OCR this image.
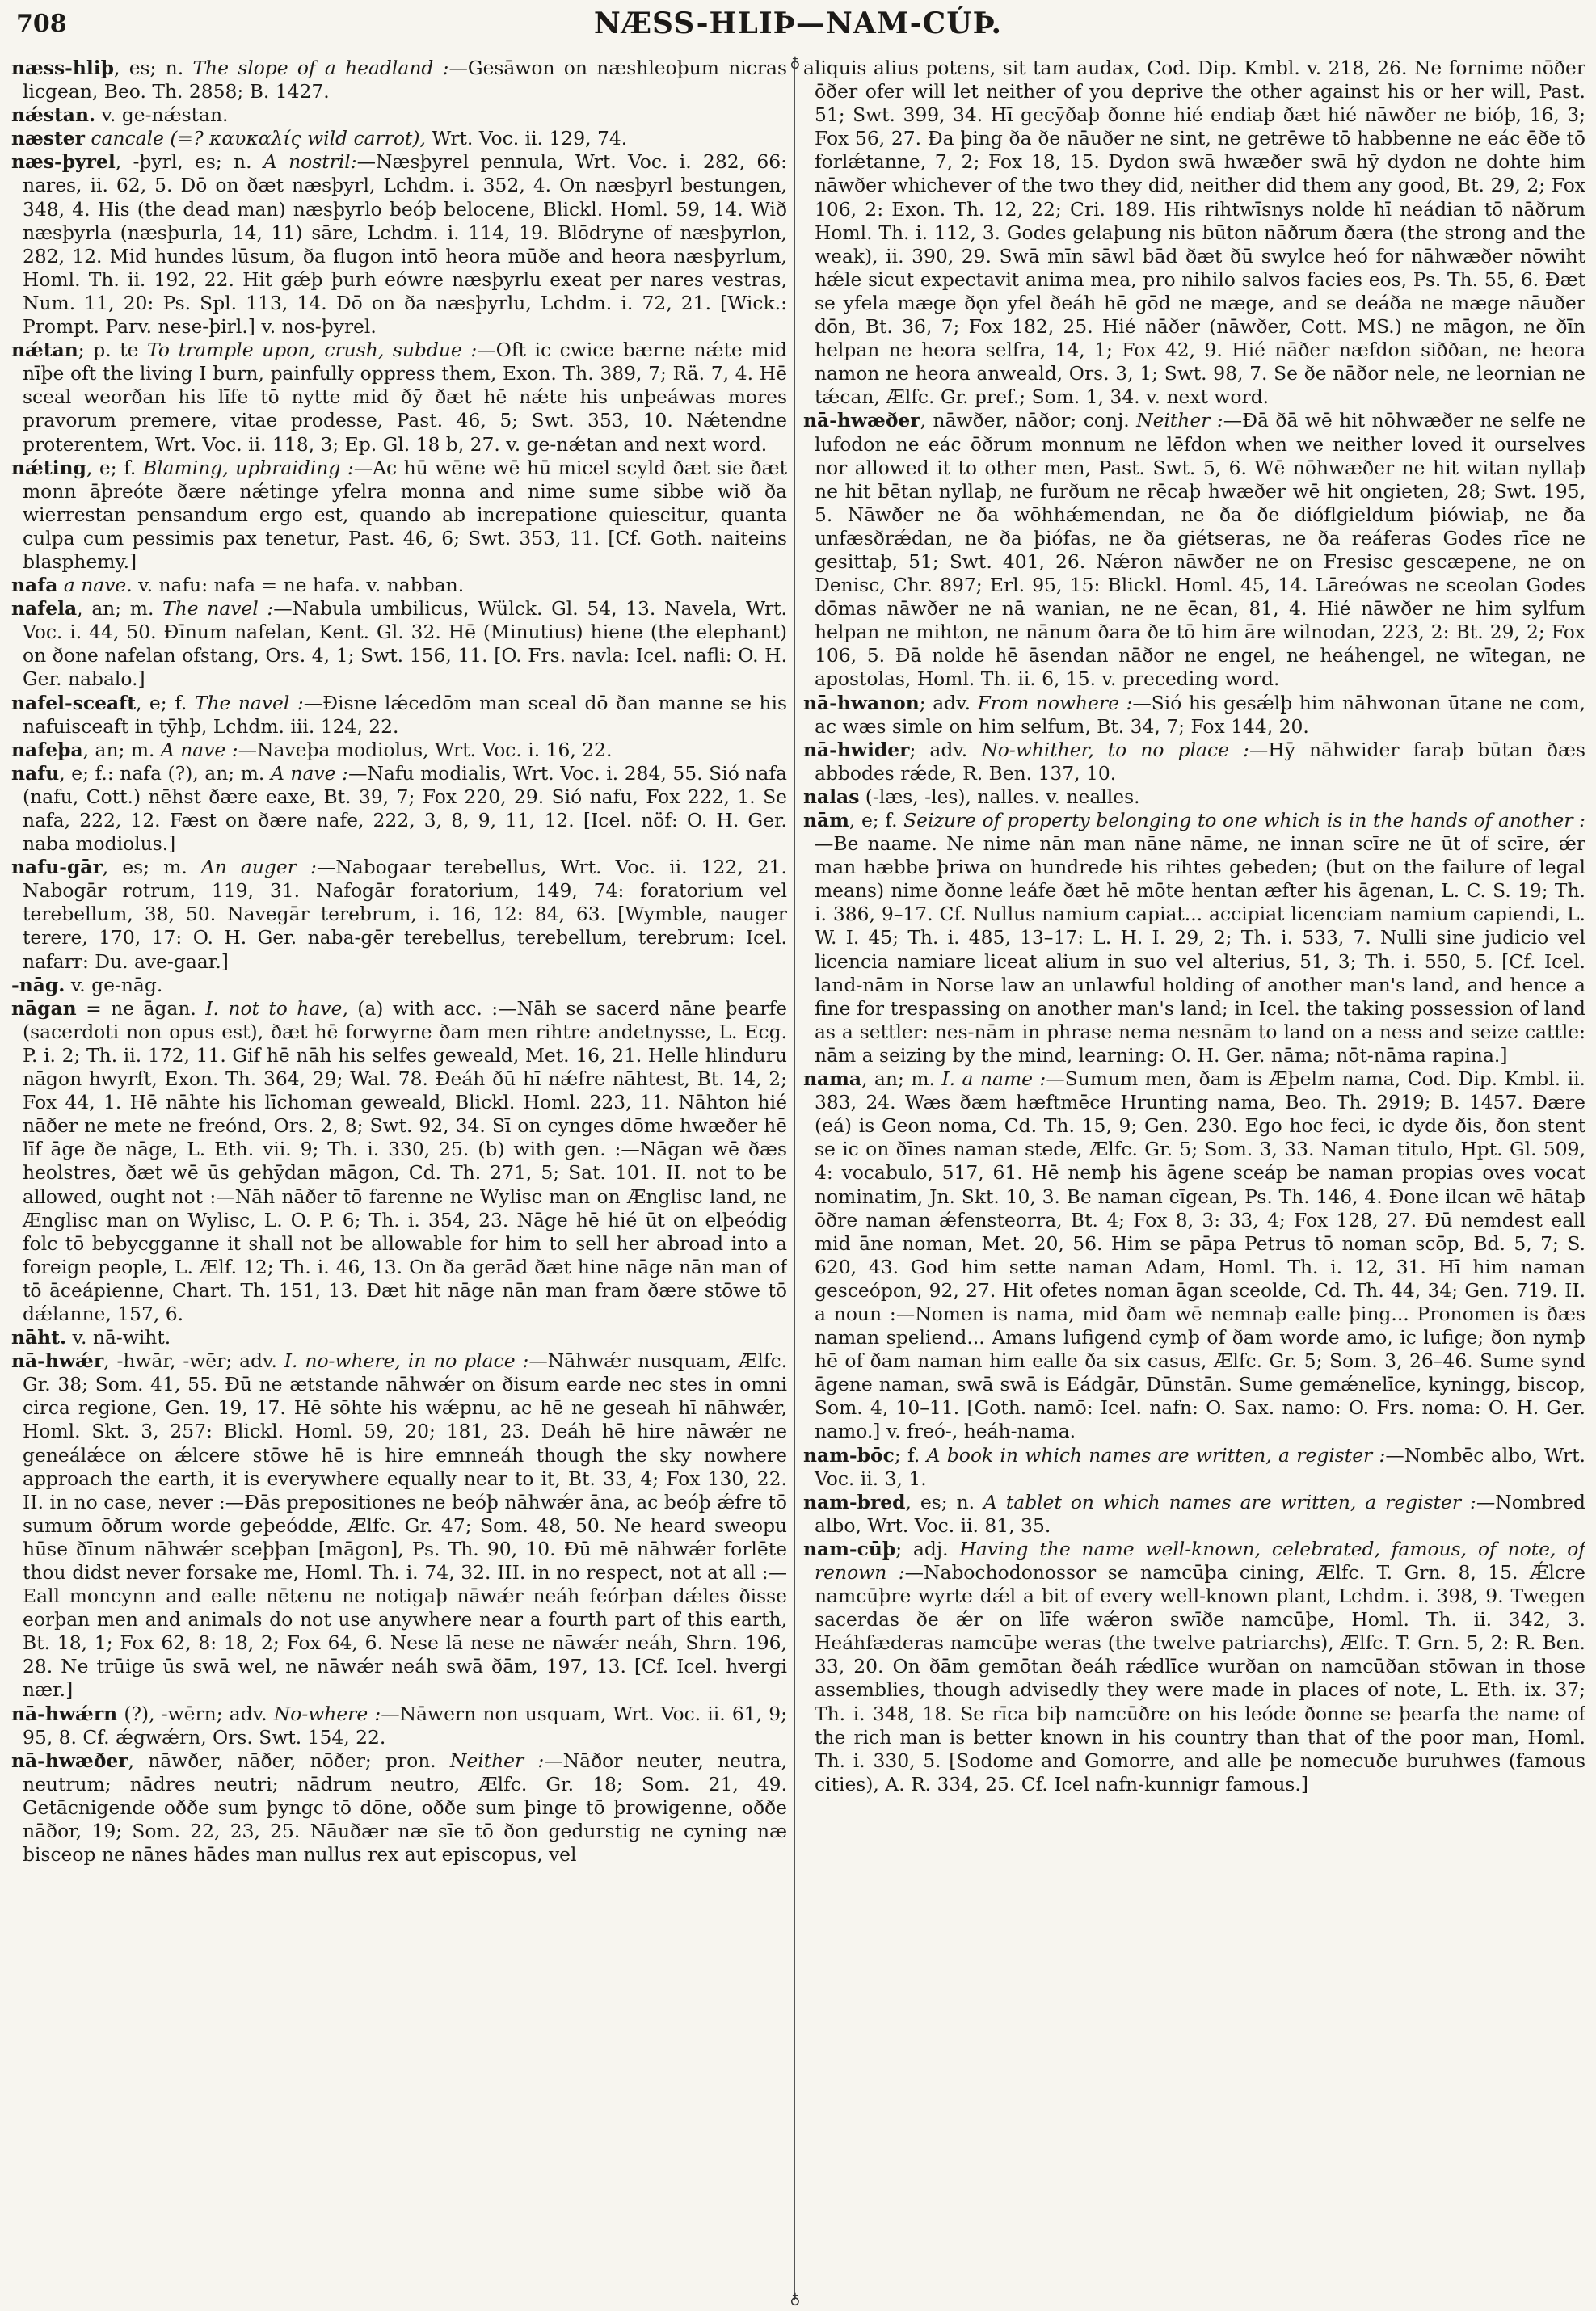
708	NÆSS-HLIÞ—NAM-CÚÞ.

næss-hliþ, es; n. The slope of a headland :—Gesāwon on næshleoþum nicras licgean, Beo. Th. 2858; B. 1427.

nǽstan. v. ge-nǽstan.

næster cancale (=? καυκαλίς wild carrot), Wrt. Voc. ii. 129, 74.

næs-þyrel, -þyrl, es; n. A nostril:—Næsþyrel pennula, Wrt. Voc. i. 282, 66: nares, ii. 62, 5. Dō on ðæt næsþyrl, Lchdm. i. 352, 4. On næsþyrl bestungen, 348, 4. His (the dead man) næsþyrlo beóþ belocene, Blickl. Homl. 59, 14. Wið næsþyrla (næsþurla, 14, 11) sāre, Lchdm. i. 114, 19. Blōdryne of næsþyrlon, 282, 12. Mid hundes lūsum, ða flugon intō heora mūðe and heora næsþyrlum, Homl. Th. ii. 192, 22. Hit gǽþ þurh eówre næsþyrlu exeat per nares vestras, Num. 11, 20: Ps. Spl. 113, 14. Dō on ða næsþyrlu, Lchdm. i. 72, 21. [Wick.: Prompt. Parv. nese-þirl.] v. nos-þyrel.

nǽtan; p. te To trample upon, crush, subdue :—Oft ic cwice bærne nǽte mid nīþe oft the living I burn, painfully oppress them, Exon. Th. 389, 7; Rä. 7, 4. Hē sceal weorðan his līfe tō nytte mid ðȳ ðæt hē nǽte his unþeáwas mores pravorum premere, vitae prodesse, Past. 46, 5; Swt. 353, 10. Nǽtendne proterentem, Wrt. Voc. ii. 118, 3; Ep. Gl. 18 b, 27. v. ge-nǽtan and next word.

nǽting, e; f. Blaming, upbraiding :—Ac hū wēne wē hū micel scyld ðæt sie ðæt monn āþreóte ðære nǽtinge yfelra monna and nime sume sibbe wið ða wierrestan pensandum ergo est, quando ab increpatione quiescitur, quanta culpa cum pessimis pax tenetur, Past. 46, 6; Swt. 353, 11. [Cf. Goth. naiteins blasphemy.]

nafa a nave. v. nafu: nafa = ne hafa. v. nabban.

nafela, an; m. The navel :—Nabula umbilicus, Wülck. Gl. 54, 13. Navela, Wrt. Voc. i. 44, 50. Ðīnum nafelan, Kent. Gl. 32. Hē (Minutius) hiene (the elephant) on ðone nafelan ofstang, Ors. 4, 1; Swt. 156, 11. [O. Frs. navla: Icel. nafli: O. H. Ger. nabalo.]

nafel-sceaft, e; f. The navel :—Ðisne lǽcedōm man sceal dō ðan manne se his nafuisceaft in tȳhþ, Lchdm. iii. 124, 22.

nafeþa, an; m. A nave :—Naveþa modiolus, Wrt. Voc. i. 16, 22.

nafu, e; f.: nafa (?), an; m. A nave :—Nafu modialis, Wrt. Voc. i. 284, 55. Sió nafa (nafu, Cott.) nēhst ðære eaxe, Bt. 39, 7; Fox 220, 29. Sió nafu, Fox 222, 1. Se nafa, 222, 12. Fæst on ðære nafe, 222, 3, 8, 9, 11, 12. [Icel. nöf: O. H. Ger. naba modiolus.]

nafu-gār, es; m. An auger :—Nabogaar terebellus, Wrt. Voc. ii. 122, 21. Nabogār rotrum, 119, 31. Nafogār foratorium, 149, 74: foratorium vel terebellum, 38, 50. Navegār terebrum, i. 16, 12: 84, 63. [Wymble, nauger terere, 170, 17: O. H. Ger. naba-gēr terebellus, terebellum, terebrum: Icel. nafarr: Du. ave-gaar.]

-nāg. v. ge-nāg.

nāgan = ne āgan. I. not to have, (a) with acc. :—Nāh se sacerd nāne þearfe (sacerdoti non opus est), ðæt hē forwyrne ðam men rihtre andetnysse, L. Ecg. P. i. 2; Th. ii. 172, 11. Gif hē nāh his selfes geweald, Met. 16, 21. Helle hlinduru nāgon hwyrft, Exon. Th. 364, 29; Wal. 78. Ðeáh ðū hī nǽfre nāhtest, Bt. 14, 2; Fox 44, 1. Hē nāhte his līchoman geweald, Blickl. Homl. 223, 11. Nāhton hié nāðer ne mete ne freónd, Ors. 2, 8; Swt. 92, 34. Sī on cynges dōme hwæðer hē līf āge ðe nāge, L. Eth. vii. 9; Th. i. 330, 25. (b) with gen. :—Nāgan wē ðæs heolstres, ðæt wē ūs gehȳdan māgon, Cd. Th. 271, 5; Sat. 101. II. not to be allowed, ought not :—Nāh nāðer tō farenne ne Wylisc man on Ænglisc land, ne Ænglisc man on Wylisc, L. O. P. 6; Th. i. 354, 23. Nāge hē hié ūt on elþeódig folc tō bebycgganne it shall not be allowable for him to sell her abroad into a foreign people, L. Ælf. 12; Th. i. 46, 13. On ða gerād ðæt hine nāge nān man of tō āceápienne, Chart. Th. 151, 13. Ðæt hit nāge nān man fram ðære stōwe tō dǽlanne, 157, 6.

nāht. v. nā-wiht.

nā-hwǽr, -hwār, -wēr; adv. I. no-where, in no place :—Nāhwǽr nusquam, Ælfc. Gr. 38; Som. 41, 55. Ðū ne ætstande nāhwǽr on ðisum earde nec stes in omni circa regione, Gen. 19, 17. Hē sōhte his wǽpnu, ac hē ne geseah hī nāhwǽr, Homl. Skt. 3, 257: Blickl. Homl. 59, 20; 181, 23. Deáh hē hire nāwǽr ne geneálǽce on ǽlcere stōwe hē is hire emnneáh though the sky nowhere approach the earth, it is everywhere equally near to it, Bt. 33, 4; Fox 130, 22. II. in no case, never :—Ðās prepositiones ne beóþ nāhwǽr āna, ac beóþ ǽfre tō sumum ōðrum worde geþeódde, Ælfc. Gr. 47; Som. 48, 50. Ne heard sweopu hūse ðīnum nāhwǽr sceþþan [māgon], Ps. Th. 90, 10. Ðū mē nāhwǽr forlēte thou didst never forsake me, Homl. Th. i. 74, 32. III. in no respect, not at all :—Eall moncynn and ealle nētenu ne notigaþ nāwǽr neáh feórþan dǽles ðisse eorþan men and animals do not use anywhere near a fourth part of this earth, Bt. 18, 1; Fox 62, 8: 18, 2; Fox 64, 6. Nese lā nese ne nāwǽr neáh, Shrn. 196, 28. Ne trūige ūs swā wel, ne nāwǽr neáh swā ðām, 197, 13. [Cf. Icel. hvergi nær.]

nā-hwǽrn (?), -wērn; adv. No-where :—Nāwern non usquam, Wrt. Voc. ii. 61, 9; 95, 8. Cf. ǽgwǽrn, Ors. Swt. 154, 22.

nā-hwæðer, nāwðer, nāðer, nōðer; pron. Neither :—Nāðor neuter, neutra, neutrum; nādres neutri; nādrum neutro, Ælfc. Gr. 18; Som. 21, 49. Getācnigende oððe sum þyngc tō dōne, oððe sum þinge tō þrowigenne, oððe nāðor, 19; Som. 22, 23, 25. Nāuðær næ sīe tō ðon gedurstig ne cyning næ bisceop ne nānes hādes man nullus rex aut episcopus, vel

♁
♁

aliquis alius potens, sit tam audax, Cod. Dip. Kmbl. v. 218, 26. Ne fornime nōðer ōðer ofer will let neither of you deprive the other against his or her will, Past. 51; Swt. 399, 34. Hī gecȳðaþ ðonne hié endiaþ ðæt hié nāwðer ne bióþ, 16, 3; Fox 56, 27. Ða þing ða ðe nāuðer ne sint, ne getrēwe tō habbenne ne eác ēðe tō forlǽtanne, 7, 2; Fox 18, 15. Dydon swā hwæðer swā hȳ dydon ne dohte him nāwðer whichever of the two they did, neither did them any good, Bt. 29, 2; Fox 106, 2: Exon. Th. 12, 22; Cri. 189. His rihtwīsnys nolde hī neádian tō nāðrum Homl. Th. i. 112, 3. Godes gelaþung nis būton nāðrum ðæra (the strong and the weak), ii. 390, 29. Swā mīn sāwl bād ðæt ðū swylce heó for nāhwæðer nōwiht hǽle sicut expectavit anima mea, pro nihilo salvos facies eos, Ps. Th. 55, 6. Ðæt se yfela mæge ðǫn yfel ðeáh hē gōd ne mæge, and se deáða ne mæge nāuðer dōn, Bt. 36, 7; Fox 182, 25. Hié nāðer (nāwðer, Cott. MS.) ne māgon, ne ðīn helpan ne heora selfra, 14, 1; Fox 42, 9. Hié nāðer næfdon siððan, ne heora namon ne heora anweald, Ors. 3, 1; Swt. 98, 7. Se ðe nāðor nele, ne leornian ne tǽcan, Ælfc. Gr. pref.; Som. 1, 34. v. next word.

nā-hwæðer, nāwðer, nāðor; conj. Neither :—Ðā ðā wē hit nōhwæðer ne selfe ne lufodon ne eác ōðrum monnum ne lēfdon when we neither loved it ourselves nor allowed it to other men, Past. Swt. 5, 6. Wē nōhwæðer ne hit witan nyllaþ ne hit bētan nyllaþ, ne furðum ne rēcaþ hwæðer wē hit ongieten, 28; Swt. 195, 5. Nāwðer ne ða wōhhǽmendan, ne ða ðe dióflgieldum þiówiaþ, ne ða unfæsðrǽdan, ne ða þiófas, ne ða giétseras, ne ða reáferas Godes rīce ne gesittaþ, 51; Swt. 401, 26. Nǽron nāwðer ne on Fresisc gescæpene, ne on Denisc, Chr. 897; Erl. 95, 15: Blickl. Homl. 45, 14. Lāreówas ne sceolan Godes dōmas nāwðer ne nā wanian, ne ne ēcan, 81, 4. Hié nāwðer ne him sylfum helpan ne mihton, ne nānum ðara ðe tō him āre wilnodan, 223, 2: Bt. 29, 2; Fox 106, 5. Ðā nolde hē āsendan nāðor ne engel, ne heáhengel, ne wītegan, ne apostolas, Homl. Th. ii. 6, 15. v. preceding word.

nā-hwanon; adv. From nowhere :—Sió his gesǽlþ him nāhwonan ūtane ne com, ac wæs simle on him selfum, Bt. 34, 7; Fox 144, 20.

nā-hwider; adv. No-whither, to no place :—Hȳ nāhwider faraþ būtan ðæs abbodes rǽde, R. Ben. 137, 10.

nalas (-læs, -les), nalles. v. nealles.

nām, e; f. Seizure of property belonging to one which is in the hands of another :—Be naame. Ne nime nān man nāne nāme, ne innan scīre ne ūt of scīre, ǽr man hæbbe þriwa on hundrede his rihtes gebeden; (but on the failure of legal means) nime ðonne leáfe ðæt hē mōte hentan æfter his āgenan, L. C. S. 19; Th. i. 386, 9–17. Cf. Nullus namium capiat... accipiat licenciam namium capiendi, L. W. I. 45; Th. i. 485, 13–17: L. H. I. 29, 2; Th. i. 533, 7. Nulli sine judicio vel licencia namiare liceat alium in suo vel alterius, 51, 3; Th. i. 550, 5. [Cf. Icel. land-nām in Norse law an unlawful holding of another man's land, and hence a fine for trespassing on another man's land; in Icel. the taking possession of land as a settler: nes-nām in phrase nema nesnām to land on a ness and seize cattle: nām a seizing by the mind, learning: O. H. Ger. nāma; nōt-nāma rapina.]

nama, an; m. I. a name :—Sumum men, ðam is Æþelm nama, Cod. Dip. Kmbl. ii. 383, 24. Wæs ðæm hæftmēce Hrunting nama, Beo. Th. 2919; B. 1457. Ðære (eá) is Geon noma, Cd. Th. 15, 9; Gen. 230. Ego hoc feci, ic dyde ðis, ðon stent se ic on ðīnes naman stede, Ælfc. Gr. 5; Som. 3, 33. Naman titulo, Hpt. Gl. 509, 4: vocabulo, 517, 61. Hē nemþ his āgene sceáp be naman propias oves vocat nominatim, Jn. Skt. 10, 3. Be naman cīgean, Ps. Th. 146, 4. Ðone ilcan wē hātaþ ōðre naman ǽfensteorra, Bt. 4; Fox 8, 3: 33, 4; Fox 128, 27. Ðū nemdest eall mid āne noman, Met. 20, 56. Him se pāpa Petrus tō noman scōp, Bd. 5, 7; S. 620, 43. God him sette naman Adam, Homl. Th. i. 12, 31. Hī him naman gesceópon, 92, 27. Hit ofetes noman āgan sceolde, Cd. Th. 44, 34; Gen. 719. II. a noun :—Nomen is nama, mid ðam wē nemnaþ ealle þing... Pronomen is ðæs naman speliend... Amans lufigend cymþ of ðam worde amo, ic lufige; ðon nymþ hē of ðam naman him ealle ða six casus, Ælfc. Gr. 5; Som. 3, 26–46. Sume synd āgene naman, swā swā is Eádgār, Dūnstān. Sume gemǽnelīce, kyningg, biscop, Som. 4, 10–11. [Goth. namō: Icel. nafn: O. Sax. namo: O. Frs. noma: O. H. Ger. namo.] v. freó-, heáh-nama.

nam-bōc; f. A book in which names are written, a register :—Nombēc albo, Wrt. Voc. ii. 3, 1.

nam-bred, es; n. A tablet on which names are written, a register :—Nombred albo, Wrt. Voc. ii. 81, 35.

nam-cūþ; adj. Having the name well-known, celebrated, famous, of note, of renown :—Nabochodonossor se namcūþa cining, Ælfc. T. Grn. 8, 15. Ǽlcre namcūþre wyrte dǽl a bit of every well-known plant, Lchdm. i. 398, 9. Twegen sacerdas ðe ǽr on līfe wǽron swīðe namcūþe, Homl. Th. ii. 342, 3. Heáhfæderas namcūþe weras (the twelve patriarchs), Ælfc. T. Grn. 5, 2: R. Ben. 33, 20. On ðām gemōtan ðeáh rǽdlīce wurðan on namcūðan stōwan in those assemblies, though advisedly they were made in places of note, L. Eth. ix. 37; Th. i. 348, 18. Se rīca biþ namcūðre on his leóde ðonne se þearfa the name of the rich man is better known in his country than that of the poor man, Homl. Th. i. 330, 5. [Sodome and Gomorre, and alle þe nomecuðe buruhwes (famous cities), A. R. 334, 25. Cf. Icel nafn-kunnigr famous.]
